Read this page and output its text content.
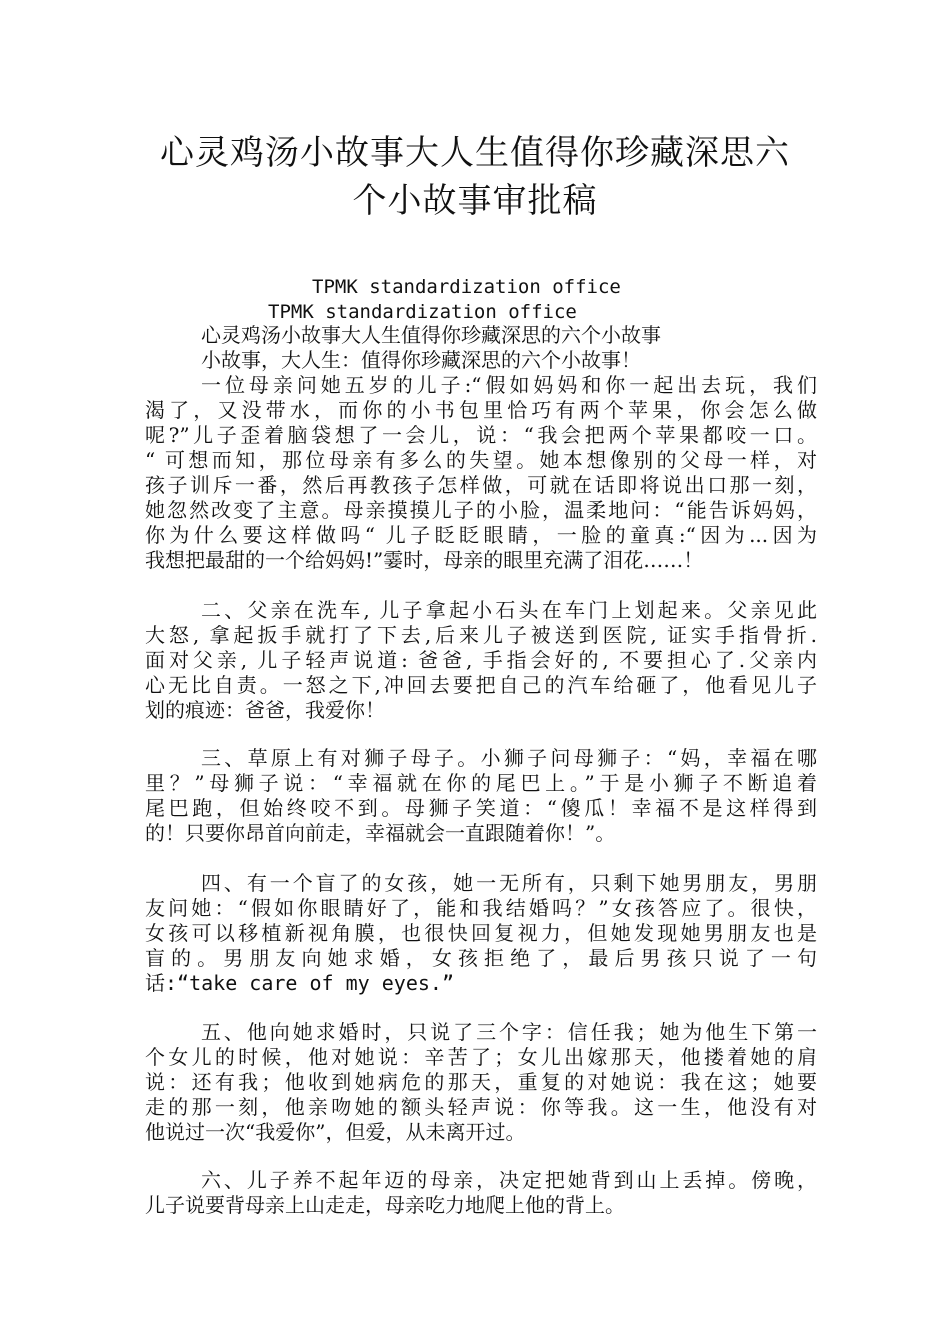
心灵鸡汤小故事大人生值得你珍藏深思六
个小故事审批稿
TPMK standardization office
TPMK standardization office
心灵鸡汤小故事大人生值得你珍藏深思的六个小故事
小故事，大人生：值得你珍藏深思的六个小故事！
一位母亲问她五岁的儿子:“假如妈妈和你一起出去玩，我们
渴了，又没带水，而你的小书包里恰巧有两个苹果，你会怎么做
呢?”儿子歪着脑袋想了一会儿，说：“我会把两个苹果都咬一口。
“ 可想而知，那位母亲有多么的失望。她本想像别的父母一样，对
孩子训斥一番，然后再教孩子怎样做，可就在话即将说出口那一刻，
她忽然改变了主意。母亲摸摸儿子的小脸，温柔地问：“能告诉妈妈，
你为什么要这样做吗“ 儿子眨眨眼睛，一脸的童真:“因为...因为
我想把最甜的一个给妈妈!”霎时，母亲的眼里充满了泪花……！
二、父亲在洗车, 儿子拿起小石头在车门上划起来。父亲见此
大怒, 拿起扳手就打了下去,后来儿子被送到医院, 证实手指骨折.
面对父亲, 儿子轻声说道: 爸爸, 手指会好的, 不要担心了.父亲内
心无比自责。一怒之下,冲回去要把自己的汽车给砸了，他看见儿子
划的痕迹：爸爸，我爱你！
三、草原上有对狮子母子。小狮子问母狮子：“妈，幸福在哪
里？”母狮子说：“幸福就在你的尾巴上。”于是小狮子不断追着
尾巴跑，但始终咬不到。母狮子笑道：“傻瓜！幸福不是这样得到
的！只要你昂首向前走，幸福就会一直跟随着你！”。
四、有一个盲了的女孩，她一无所有，只剩下她男朋友，男朋
友问她：“假如你眼睛好了，能和我结婚吗？”女孩答应了。很快，
女孩可以移植新视角膜，也很快回复视力，但她发现她男朋友也是
盲的。男朋友向她求婚，女孩拒绝了，最后男孩只说了一句
话:“take care of my eyes.”
五、他向她求婚时，只说了三个字：信任我；她为他生下第一
个女儿的时候，他对她说：辛苦了；女儿出嫁那天，他搂着她的肩
说：还有我；他收到她病危的那天，重复的对她说：我在这；她要
走的那一刻，他亲吻她的额头轻声说：你等我。这一生，他没有对
他说过一次“我爱你”，但爱，从未离开过。
六、儿子养不起年迈的母亲，决定把她背到山上丢掉。傍晚，
儿子说要背母亲上山走走，母亲吃力地爬上他的背上。
